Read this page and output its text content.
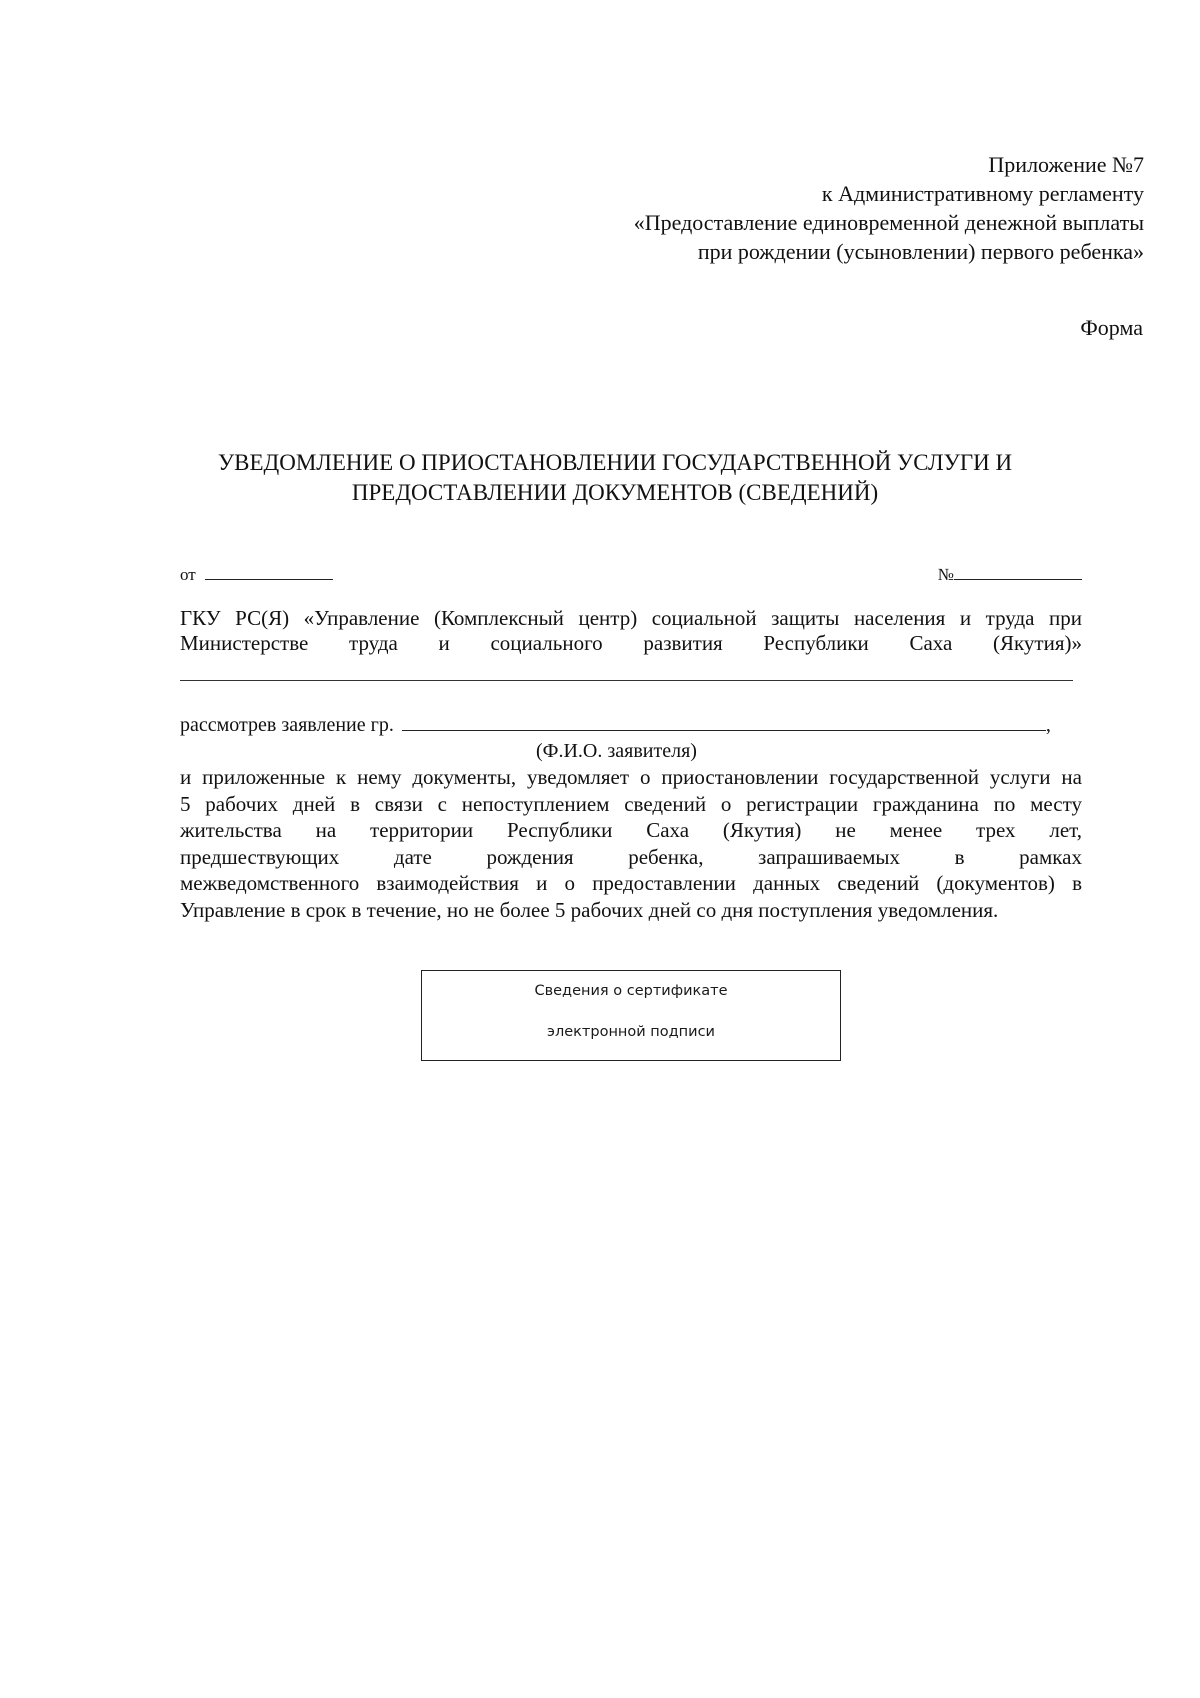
Приложение №7
к Административному регламенту
«Предоставление единовременной денежной выплаты
при рождении (усыновлении) первого ребенка»
Форма
УВЕДОМЛЕНИЕ О ПРИОСТАНОВЛЕНИИ ГОСУДАРСТВЕННОЙ УСЛУГИ И
ПРЕДОСТАВЛЕНИИ ДОКУМЕНТОВ (СВЕДЕНИЙ)
от	№
ГКУ РС(Я) «Управление (Комплексный центр) социальной защиты населения и труда при
Министерстве труда и социального развития Республики Саха (Якутия)»
рассмотрев заявление гр.	,
(Ф.И.О. заявителя)
и приложенные к нему документы, уведомляет о приостановлении государственной услуги на
5 рабочих дней в связи с непоступлением сведений о регистрации гражданина по месту
жительства на территории Республики Саха (Якутия) не менее трех лет,
предшествующих дате рождения ребенка, запрашиваемых в рамках
межведомственного взаимодействия и о предоставлении данных сведений (документов) в
Управление в срок в течение, но не более 5 рабочих дней со дня поступления уведомления.
Сведения о сертификате
электронной подписи
